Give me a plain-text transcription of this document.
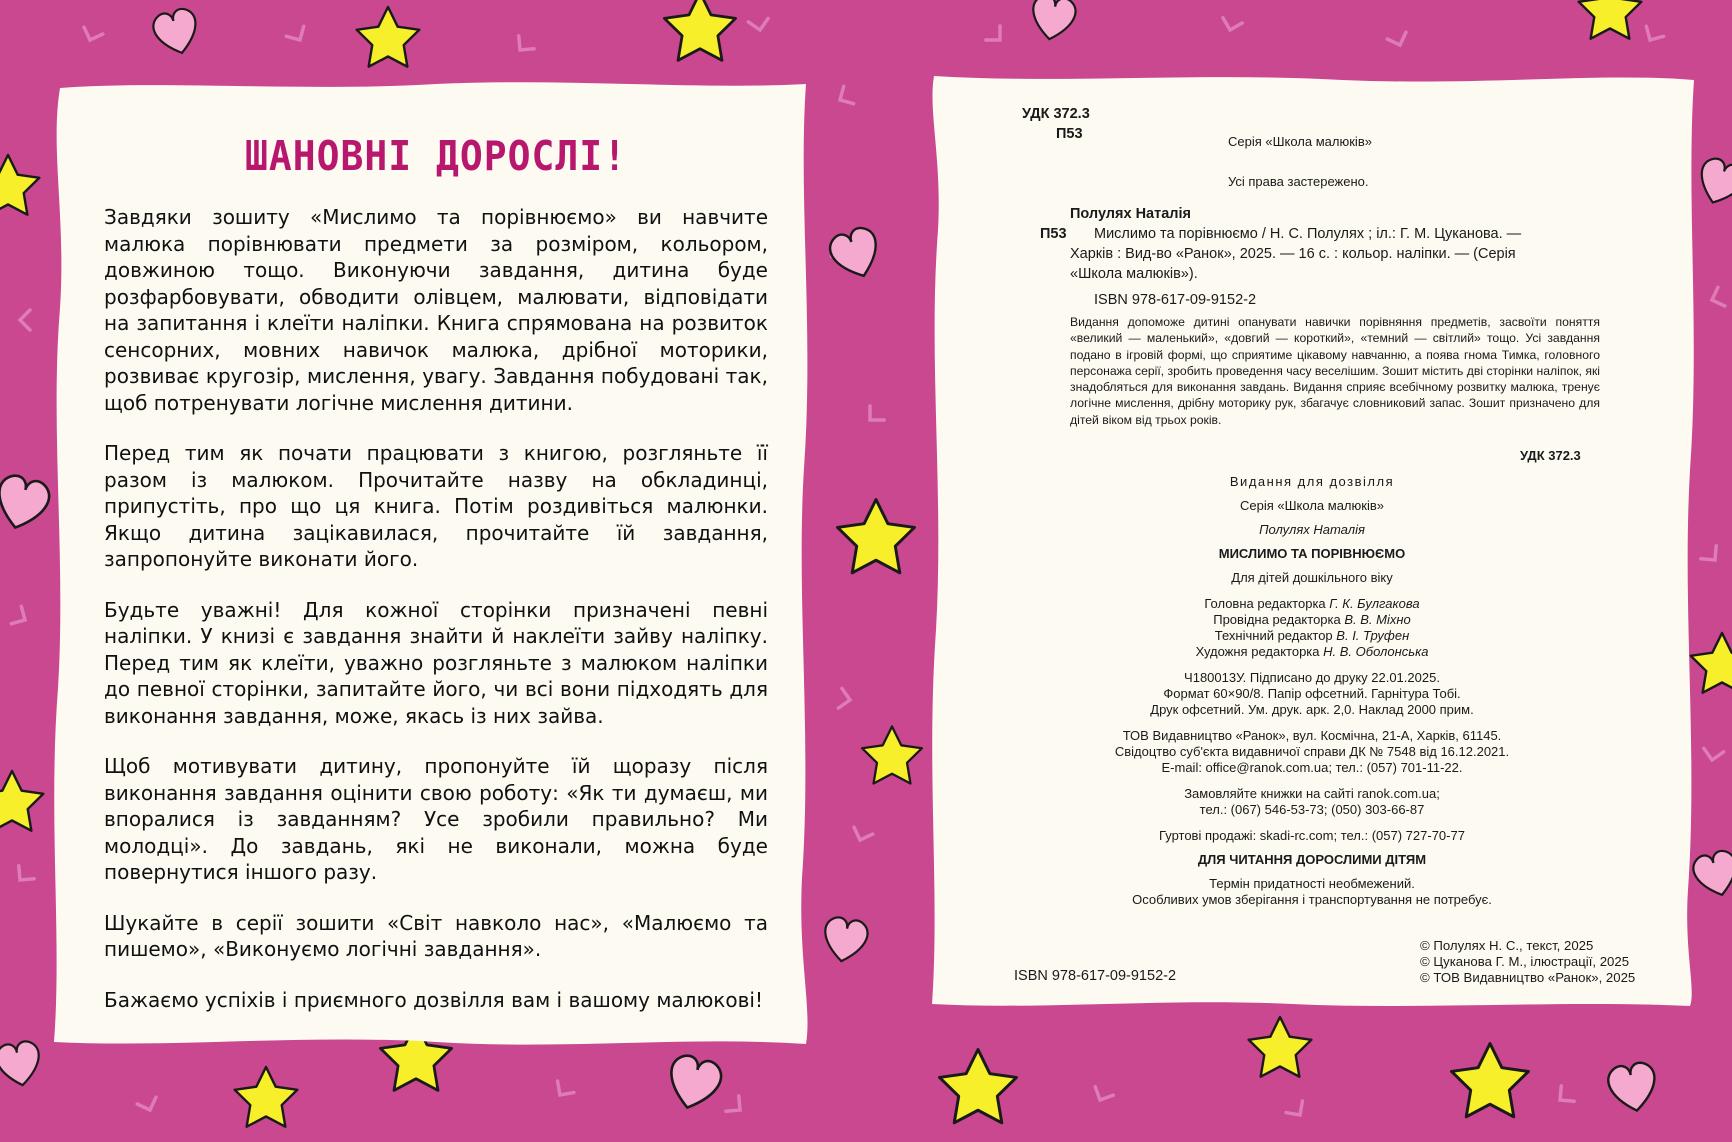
ШАНОВНІ ДОРОСЛІ!

Завдяки зошиту «Мислимо та порівнюємо» ви навчите малюка порівнювати предмети за розміром, кольором, довжиною тощо. Виконуючи завдання, дитина буде розфарбовувати, обводити олівцем, малювати, відповідати на запитання і клеїти наліпки. Книга спрямована на розвиток сенсорних, мовних навичок малюка, дрібної моторики, розвиває кругозір, мислення, увагу. Завдання побудовані так, щоб потренувати логічне мислення дитини.

Перед тим як почати працювати з книгою, розгляньте її разом із малюком. Прочитайте назву на обкладинці, припустіть, про що ця книга. Потім роздивіться малюнки. Якщо дитина зацікавилася, прочитайте їй завдання, запропонуйте виконати його.

Будьте уважні! Для кожної сторінки призначені певні наліпки. У книзі є завдання знайти й наклеїти зайву наліпку. Перед тим як клеїти, уважно розгляньте з малюком наліпки до певної сторінки, запитайте його, чи всі вони підходять для виконання завдання, може, якась із них зайва.

Щоб мотивувати дитину, пропонуйте їй щоразу після виконання завдання оцінити свою роботу: «Як ти думаєш, ми впоралися із завданням? Усе зробили правильно? Ми молодці». До завдань, які не виконали, можна буде повернутися іншого разу.

Шукайте в серії зошити «Світ навколо нас», «Малюємо та пишемо», «Виконуємо логічні завдання».

Бажаємо успіхів і приємного дозвілля вам і вашому малюкові!

УДК 372.3
П53	Серія «Школа малюків»
Усі права застережено.
Полулях Наталія
П53 Мислимо та порівнюємо / Н. С. Полулях ; іл.: Г. М. Цуканова. —
Харків : Вид-во «Ранок», 2025. — 16 с. : кольор. наліпки. — (Серія
«Школа малюків»).
ISBN 978-617-09-9152-2
Видання допоможе дитині опанувати навички порівняння предметів, засвоїти поняття «великий — маленький», «довгий — короткий», «темний — світлий» тощо. Усі завдання подано в ігровій формі, що сприятиме цікавому навчанню, а поява гнома Тимка, головного персонажа серії, зробить проведення часу веселішим. Зошит містить дві сторінки наліпок, які знадобляться для виконання завдань. Видання сприяє всебічному розвитку малюка, тренує логічне мислення, дрібну моторику рук, збагачує словниковий запас. Зошит призначено для дітей віком від трьох років.
УДК 372.3
Видання для дозвілля
Серія «Школа малюків»
Полулях Наталія
МИСЛИМО ТА ПОРІВНЮЄМО
Для дітей дошкільного віку
Головна редакторка Г. К. Булгакова
Провідна редакторка В. В. Міхно
Технічний редактор В. І. Труфен
Художня редакторка Н. В. Оболонська
Ч180013У. Підписано до друку 22.01.2025.
Формат 60×90/8. Папір офсетний. Гарнітура Тобі.
Друк офсетний. Ум. друк. арк. 2,0. Наклад 2000 прим.
ТОВ Видавництво «Ранок», вул. Космічна, 21-А, Харків, 61145.
Свідоцтво суб'єкта видавничої справи ДК № 7548 від 16.12.2021.
E-mail: office@ranok.com.ua; тел.: (057) 701-11-22.
Замовляйте книжки на сайті ranok.com.ua;
тел.: (067) 546-53-73; (050) 303-66-87
Гуртові продажі: skadi-rc.com; тел.: (057) 727-70-77
ДЛЯ ЧИТАННЯ ДОРОСЛИМИ ДІТЯМ
Термін придатності необмежений.
Особливих умов зберігання і транспортування не потребує.
ISBN 978-617-09-9152-2
© Полулях Н. С., текст, 2025
© Цуканова Г. М., ілюстрації, 2025
© ТОВ Видавництво «Ранок», 2025
